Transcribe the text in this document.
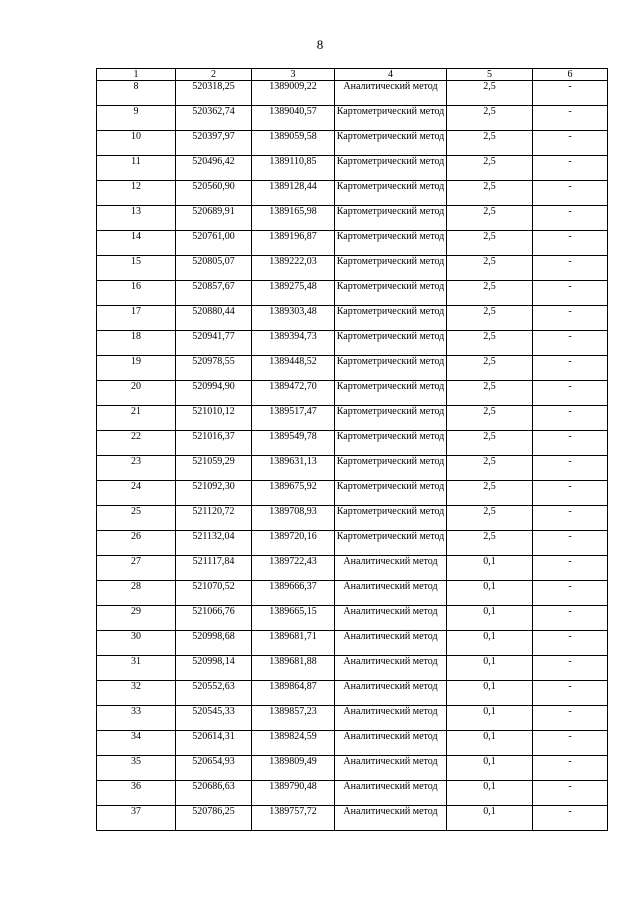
8
1	2	3	4	5	6
8	520318,25	1389009,22	Аналитический метод	2,5	-
9	520362,74	1389040,57	Картометрический метод	2,5	-
10	520397,97	1389059,58	Картометрический метод	2,5	-
11	520496,42	1389110,85	Картометрический метод	2,5	-
12	520560,90	1389128,44	Картометрический метод	2,5	-
13	520689,91	1389165,98	Картометрический метод	2,5	-
14	520761,00	1389196,87	Картометрический метод	2,5	-
15	520805,07	1389222,03	Картометрический метод	2,5	-
16	520857,67	1389275,48	Картометрический метод	2,5	-
17	520880,44	1389303,48	Картометрический метод	2,5	-
18	520941,77	1389394,73	Картометрический метод	2,5	-
19	520978,55	1389448,52	Картометрический метод	2,5	-
20	520994,90	1389472,70	Картометрический метод	2,5	-
21	521010,12	1389517,47	Картометрический метод	2,5	-
22	521016,37	1389549,78	Картометрический метод	2,5	-
23	521059,29	1389631,13	Картометрический метод	2,5	-
24	521092,30	1389675,92	Картометрический метод	2,5	-
25	521120,72	1389708,93	Картометрический метод	2,5	-
26	521132,04	1389720,16	Картометрический метод	2,5	-
27	521117,84	1389722,43	Аналитический метод	0,1	-
28	521070,52	1389666,37	Аналитический метод	0,1	-
29	521066,76	1389665,15	Аналитический метод	0,1	-
30	520998,68	1389681,71	Аналитический метод	0,1	-
31	520998,14	1389681,88	Аналитический метод	0,1	-
32	520552,63	1389864,87	Аналитический метод	0,1	-
33	520545,33	1389857,23	Аналитический метод	0,1	-
34	520614,31	1389824,59	Аналитический метод	0,1	-
35	520654,93	1389809,49	Аналитический метод	0,1	-
36	520686,63	1389790,48	Аналитический метод	0,1	-
37	520786,25	1389757,72	Аналитический метод	0,1	-
